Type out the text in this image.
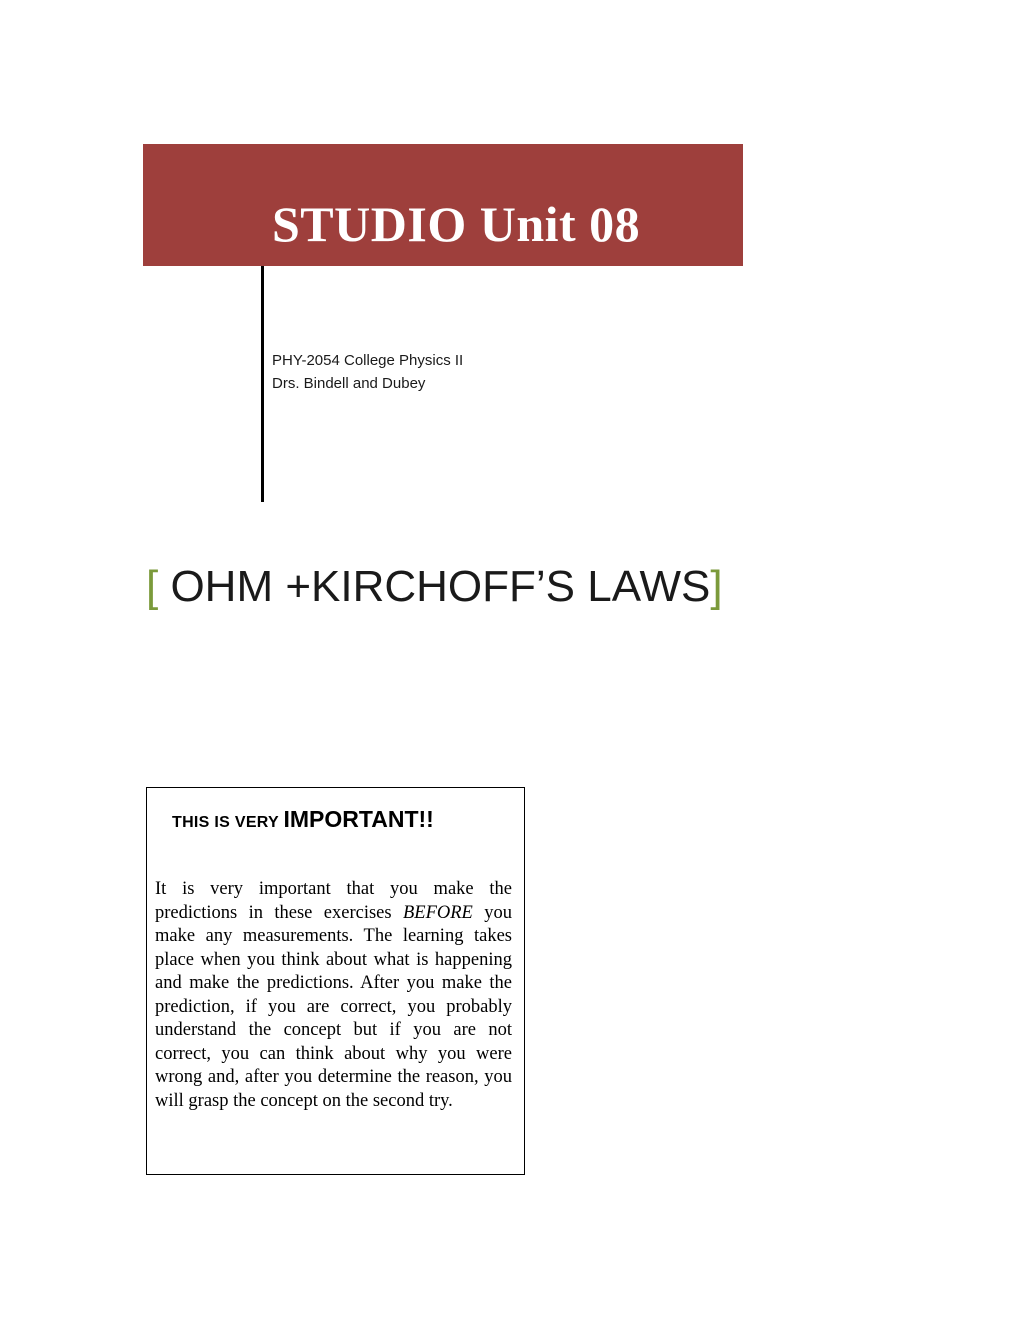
STUDIO Unit 08
PHY-2054 College Physics II
Drs. Bindell and Dubey
[ OHM +KIRCHOFF’S LAWS]
THIS IS VERY IMPORTANT!!
It is very important that you make the predictions in these exercises BEFORE you make any measurements. The learning takes place when you think about what is happening and make the predictions. After you make the prediction, if you are correct, you probably understand the concept but if you are not correct, you can think about why you were wrong and, after you determine the reason, you will grasp the concept on the second try.
